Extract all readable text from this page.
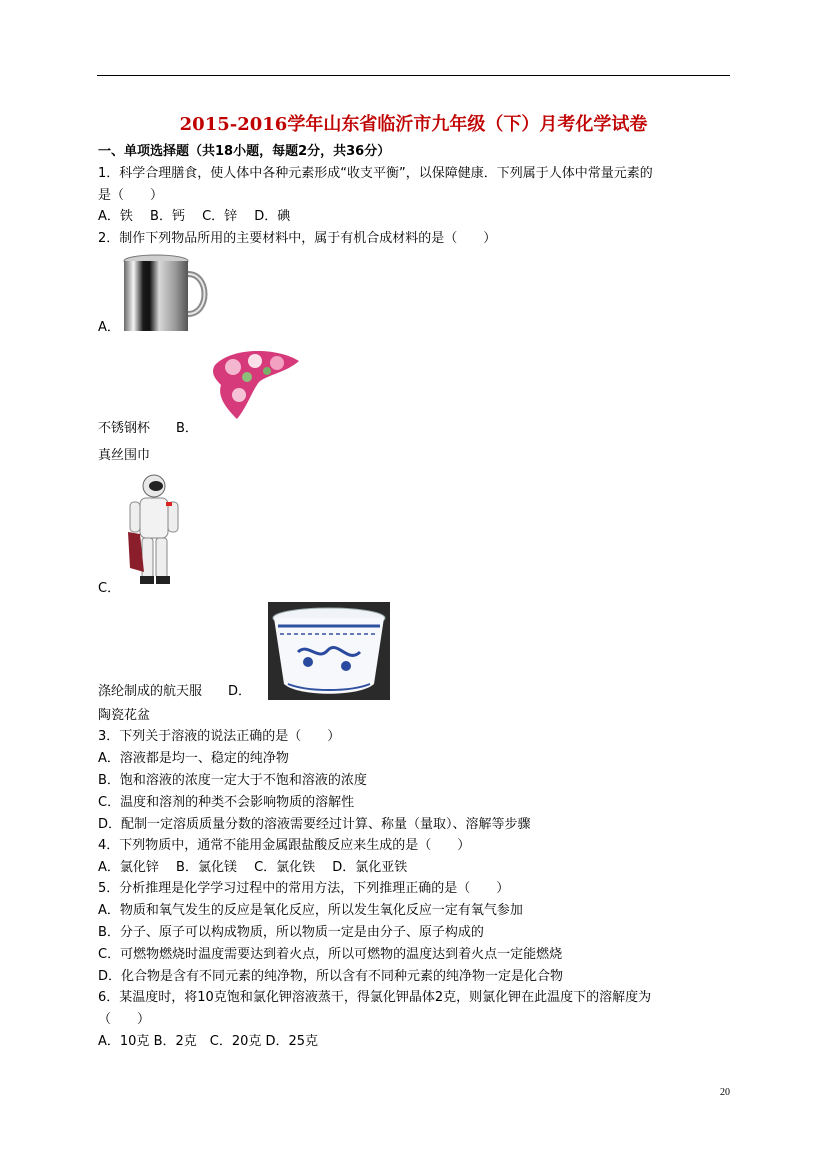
2015-2016学年山东省临沂市九年级（下）月考化学试卷
一、单项选择题（共18小题，每题2分，共36分）
1．科学合理膳食，使人体中各种元素形成“收支平衡”，以保障健康．下列属于人体中常量元素的
是（　　）
A．铁　 B．钙　 C．锌　 D．碘
2．制作下列物品所用的主要材料中，属于有机合成材料的是（　　）
A．
不锈钢杯　　B．
真丝围巾
C．
涤纶制成的航天服　　D．
陶瓷花盆
3．下列关于溶液的说法正确的是（　　）
A．溶液都是均一、稳定的纯净物
B．饱和溶液的浓度一定大于不饱和溶液的浓度
C．温度和溶剂的种类不会影响物质的溶解性
D．配制一定溶质质量分数的溶液需要经过计算、称量（量取）、溶解等步骤
4．下列物质中，通常不能用金属跟盐酸反应来生成的是（　　）
A．氯化锌　 B．氯化镁　 C．氯化铁　 D．氯化亚铁
5．分析推理是化学学习过程中的常用方法，下列推理正确的是（　　）
A．物质和氧气发生的反应是氧化反应，所以发生氧化反应一定有氧气参加
B．分子、原子可以构成物质，所以物质一定是由分子、原子构成的
C．可燃物燃烧时温度需要达到着火点，所以可燃物的温度达到着火点一定能燃烧
D．化合物是含有不同元素的纯净物，所以含有不同种元素的纯净物一定是化合物
6．某温度时，将10克饱和氯化钾溶液蒸干，得氯化钾晶体2克，则氯化钾在此温度下的溶解度为
（　　）
A．10克 B．2克　C．20克 D．25克
20
